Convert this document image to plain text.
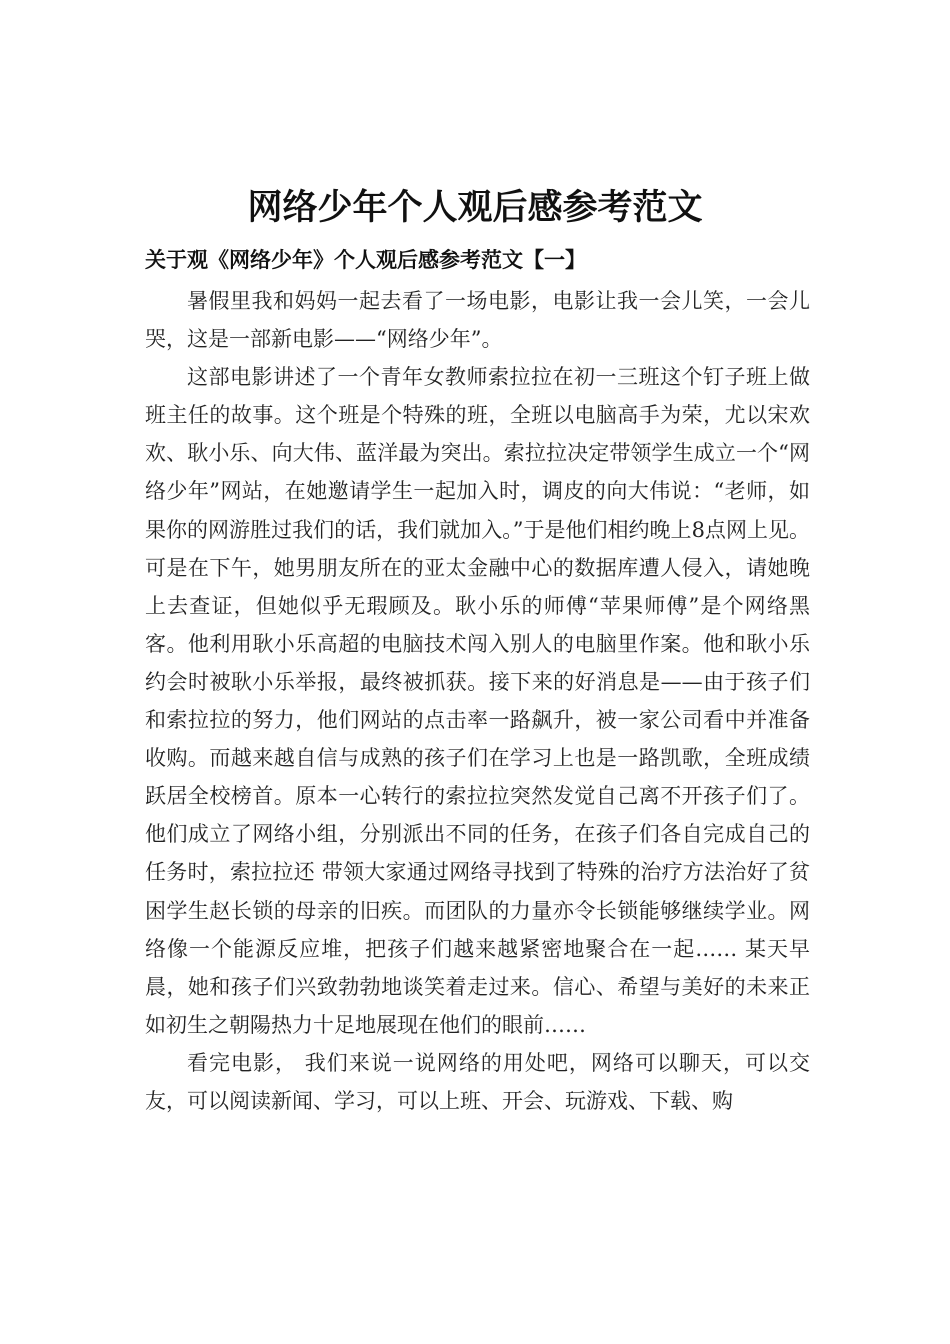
网络少年个人观后感参考范文
关于观《网络少年》个人观后感参考范文【一】

暑假里我和妈妈一起去看了一场电影，电影让我一会儿笑，一会儿哭，这是一部新电影——“网络少年”。

这部电影讲述了一个青年女教师索拉拉在初一三班这个钉子班上做班主任的故事。这个班是个特殊的班，全班以电脑高手为荣，尤以宋欢欢、耿小乐、向大伟、蓝洋最为突出。索拉拉决定带领学生成立一个“网络少年”网站，在她邀请学生一起加入时，调皮的向大伟说：“老师，如果你的网游胜过我们的话，我们就加入。”于是他们相约晚上8点网上见。可是在下午，她男朋友所在的亚太金融中心的数据库遭人侵入，请她晚上去查证，但她似乎无瑕顾及。耿小乐的师傅“苹果师傅”是个网络黑客。他利用耿小乐高超的电脑技术闯入别人的电脑里作案。他和耿小乐约会时被耿小乐举报，最终被抓获。接下来的好消息是——由于孩子们和索拉拉的努力，他们网站的点击率一路飙升，被一家公司看中并准备收购。而越来越自信与成熟的孩子们在学习上也是一路凯歌，全班成绩跃居全校榜首。原本一心转行的索拉拉突然发觉自己离不开孩子们了。他们成立了网络小组，分别派出不同的任务，在孩子们各自完成自己的任务时，索拉拉还 带领大家通过网络寻找到了特殊的治疗方法治好了贫困学生赵长锁的母亲的旧疾。而团队的力量亦令长锁能够继续学业。网络像一个能源反应堆，把孩子们越来越紧密地聚合在一起…… 某天早晨，她和孩子们兴致勃勃地谈笑着走过来。信心、希望与美好的未来正如初生之朝陽热力十足地展现在他们的眼前……

看完电影， 我们来说一说网络的用处吧，网络可以聊天，可以交友，可以阅读新闻、学习，可以上班、开会、玩游戏、下载、购
